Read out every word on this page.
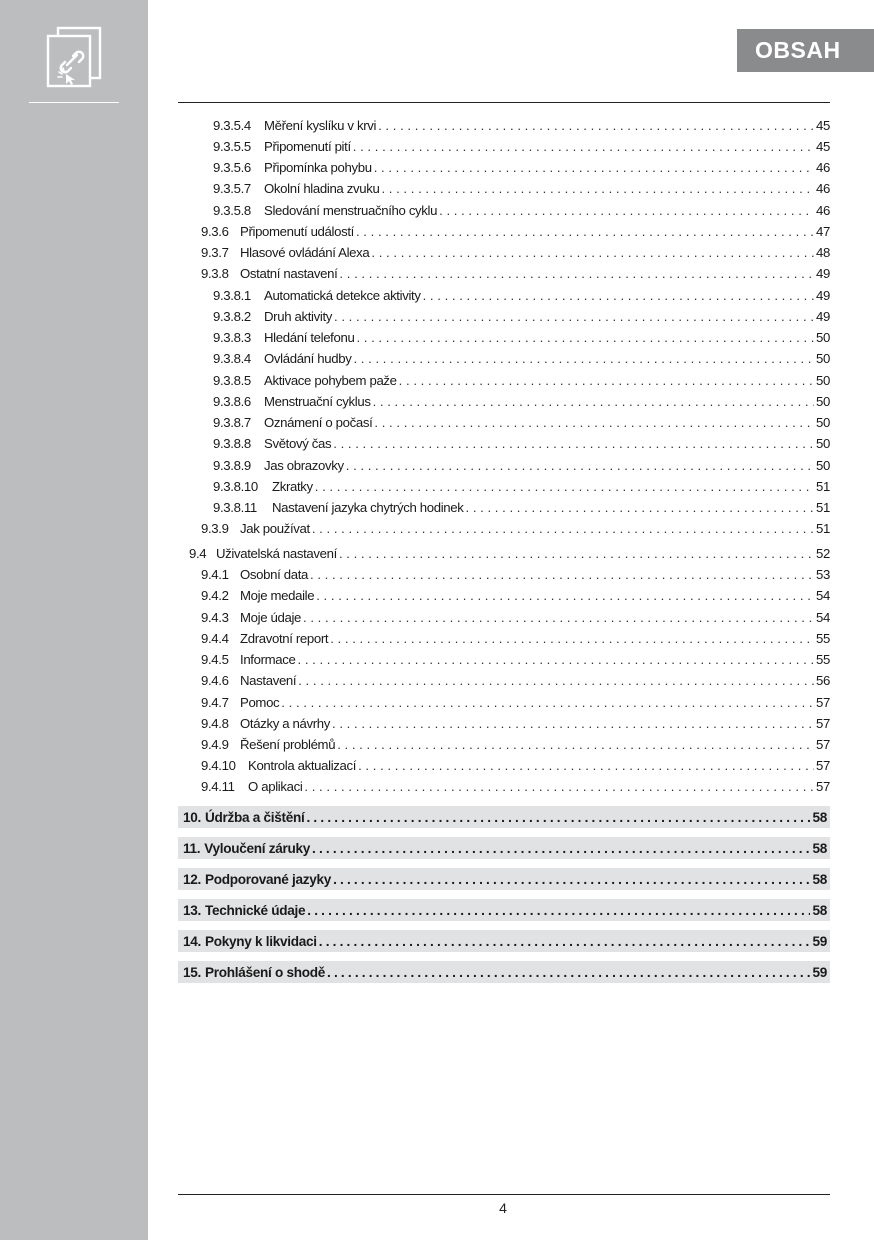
OBSAH
9.3.5.4 Měření kyslíku v krvi . . .	45
9.3.5.5 Připomenutí pití . . .	45
9.3.5.6 Připomínka pohybu . . .	46
9.3.5.7 Okolní hladina zvuku . . .	46
9.3.5.8 Sledování menstruačního cyklu . . .	46
9.3.6 Připomenutí událostí . . .	47
9.3.7 Hlasové ovládání Alexa . . .	48
9.3.8 Ostatní nastavení . . .	49
9.3.8.1 Automatická detekce aktivity . . .	49
9.3.8.2 Druh aktivity . . .	49
9.3.8.3 Hledání telefonu . . .	50
9.3.8.4 Ovládání hudby . . .	50
9.3.8.5 Aktivace pohybem paže . . .	50
9.3.8.6 Menstruační cyklus . . .	50
9.3.8.7 Oznámení o počasí . . .	50
9.3.8.8 Světový čas . . .	50
9.3.8.9 Jas obrazovky . . .	50
9.3.8.10	Zkratky . . .	51
9.3.8.11	Nastavení jazyka chytrých hodinek . . .	51
9.3.9 Jak používat . . .	51
9.4 Uživatelská nastavení . . .	52
9.4.1 Osobní data . . .	53
9.4.2 Moje medaile . . .	54
9.4.3 Moje údaje . . .	54
9.4.4 Zdravotní report . . .	55
9.4.5 Informace . . .	55
9.4.6 Nastavení . . .	56
9.4.7 Pomoc . . .	57
9.4.8 Otázky a návrhy . . .	57
9.4.9 Řešení problémů . . .	57
9.4.10 Kontrola aktualizací . . .	57
9.4.11	O aplikaci . . .	57
10. Údržba a čištění . . .	58
11. Vyloučení záruky . . .	58
12. Podporované jazyky . . .	58
13. Technické údaje . . .	58
14. Pokyny k likvidaci . . .	59
15. Prohlášení o shodě . . .	59
4
